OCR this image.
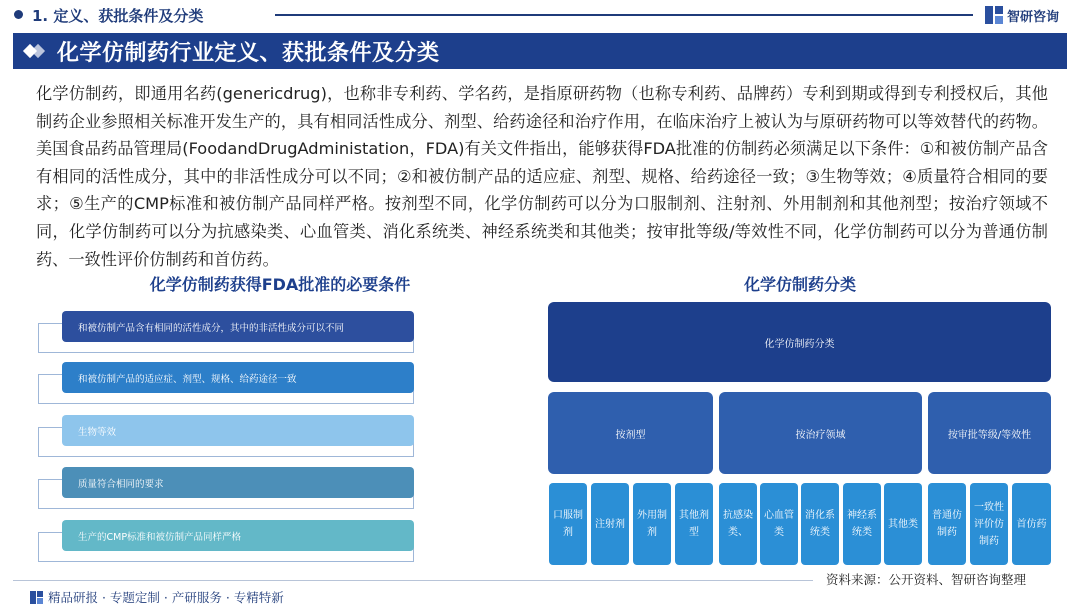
1. 定义、获批条件及分类	智研咨询
化学仿制药行业定义、获批条件及分类

化学仿制药，即通用名药(genericdrug)，也称非专利药、学名药，是指原研药物（也称专利药、品牌药）专利到期或得到专利授权后，其他制药企业参照相关标准开发生产的，具有相同活性成分、剂型、给药途径和治疗作用，在临床治疗上被认为与原研药物可以等效替代的药物。美国食品药品管理局(FoodandDrugAdministation，FDA)有关文件指出，能够获得FDA批准的仿制药必须满足以下条件：①和被仿制产品含有相同的活性成分，其中的非活性成分可以不同；②和被仿制产品的适应症、剂型、规格、给药途径一致；③生物等效；④质量符合相同的要求；⑤生产的CMP标准和被仿制产品同样严格。按剂型不同，化学仿制药可以分为口服制剂、注射剂、外用制剂和其他剂型；按治疗领域不同，化学仿制药可以分为抗感染类、心血管类、消化系统类、神经系统类和其他类；按审批等级/等效性不同，化学仿制药可以分为普通仿制药、一致性评价仿制药和首仿药。

化学仿制药获得FDA批准的必要条件	化学仿制药分类
和被仿制产品含有相同的活性成分，其中的非活性成分可以不同
和被仿制产品的适应症、剂型、规格、给药途径一致
生物等效
质量符合相同的要求
生产的CMP标准和被仿制产品同样严格
化学仿制药分类
按剂型	按治疗领域	按审批等级/等效性
口服制剂
注射剂
外用制剂
其他剂型
抗感染类、
心血管类
消化系统类
神经系统类
其他类
普通仿制药
一致性评价仿制药
首仿药
资料来源：公开资料、智研咨询整理
精品研报 · 专题定制 · 产研服务 · 专精特新
